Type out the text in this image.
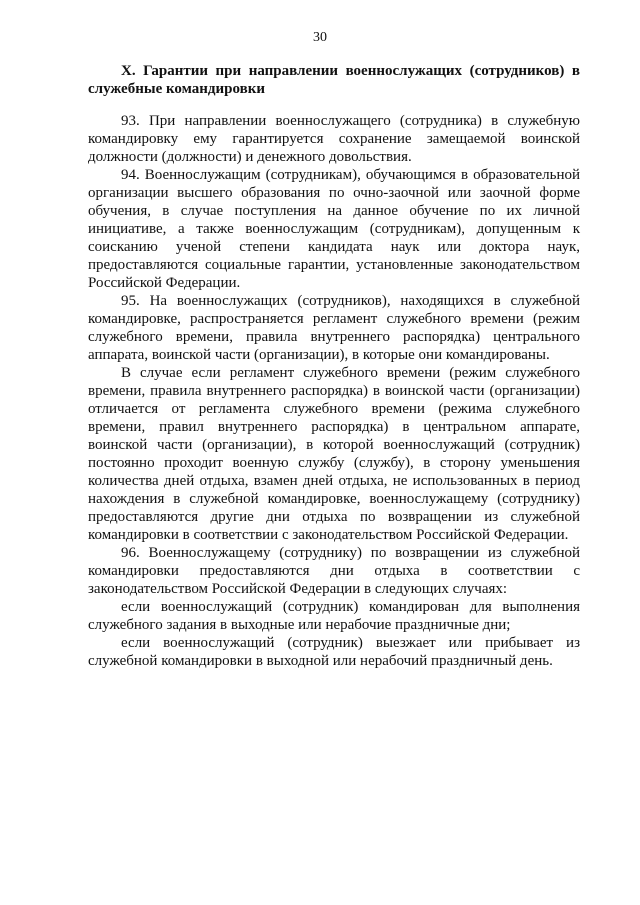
30

X. Гарантии при направлении военнослужащих (сотрудников) в служебные командировки

93. При направлении военнослужащего (сотрудника) в служебную командировку ему гарантируется сохранение замещаемой воинской должности (должности) и денежного довольствия.

94. Военнослужащим (сотрудникам), обучающимся в образовательной организации высшего образования по очно-заочной или заочной форме обучения, в случае поступления на данное обучение по их личной инициативе, а также военнослужащим (сотрудникам), допущенным к соисканию ученой степени кандидата наук или доктора наук, предоставляются социальные гарантии, установленные законодательством Российской Федерации.

95. На военнослужащих (сотрудников), находящихся в служебной командировке, распространяется регламент служебного времени (режим служебного времени, правила внутреннего распорядка) центрального аппарата, воинской части (организации), в которые они командированы.

В случае если регламент служебного времени (режим служебного времени, правила внутреннего распорядка) в воинской части (организации) отличается от регламента служебного времени (режима служебного времени, правил внутреннего распорядка) в центральном аппарате, воинской части (организации), в которой военнослужащий (сотрудник) постоянно проходит военную службу (службу), в сторону уменьшения количества дней отдыха, взамен дней отдыха, не использованных в период нахождения в служебной командировке, военнослужащему (сотруднику) предоставляются другие дни отдыха по возвращении из служебной командировки в соответствии с законодательством Российской Федерации.

96. Военнослужащему (сотруднику) по возвращении из служебной командировки предоставляются дни отдыха в соответствии с законодательством Российской Федерации в следующих случаях:

если военнослужащий (сотрудник) командирован для выполнения служебного задания в выходные или нерабочие праздничные дни;

если военнослужащий (сотрудник) выезжает или прибывает из служебной командировки в выходной или нерабочий праздничный день.
